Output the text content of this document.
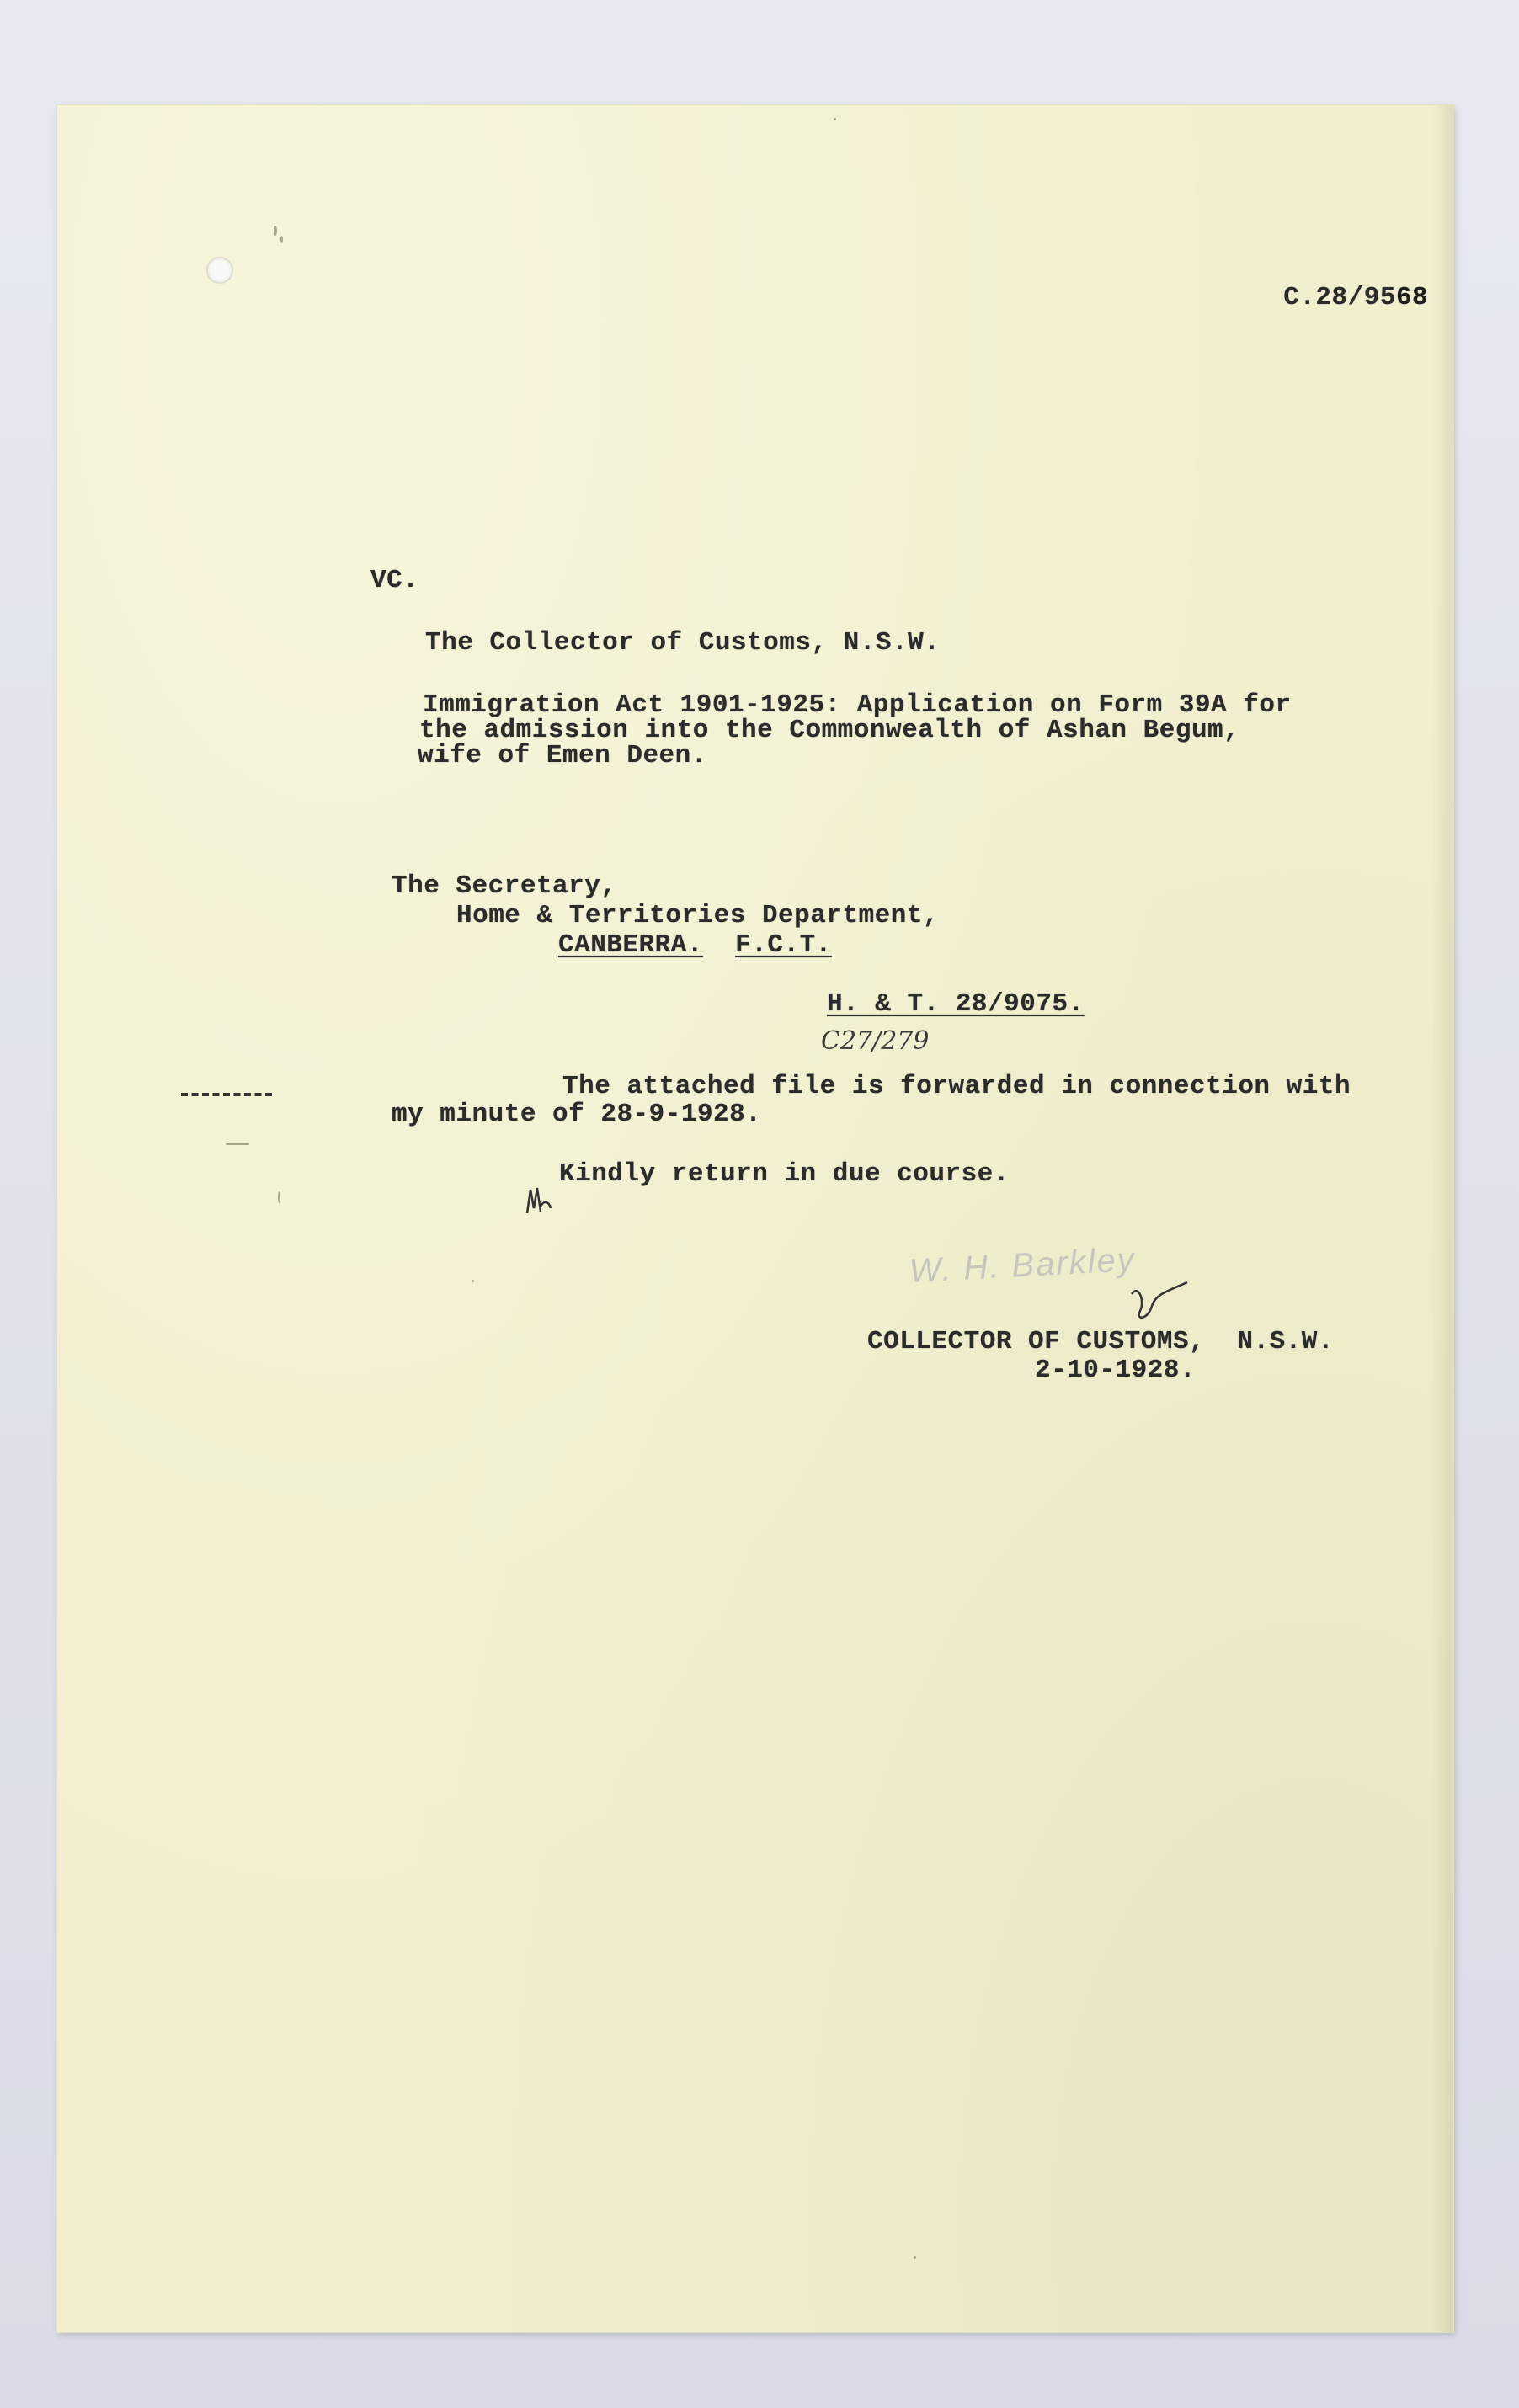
C.28/9568

VC.
The Collector of Customs, N.S.W.
Immigration Act 1901-1925: Application on Form 39A for
the admission into the Commonwealth of Ashan Begum,
wife of Emen Deen.
The Secretary,
Home & Territories Department,
CANBERRA. F.C.T.
H. & T. 28/9075.
C27/279
The attached file is forwarded in connection with
my minute of 28-9-1928.
Kindly return in due course.
W. H. Barkley
COLLECTOR OF CUSTOMS,  N.S.W.
2-10-1928.
